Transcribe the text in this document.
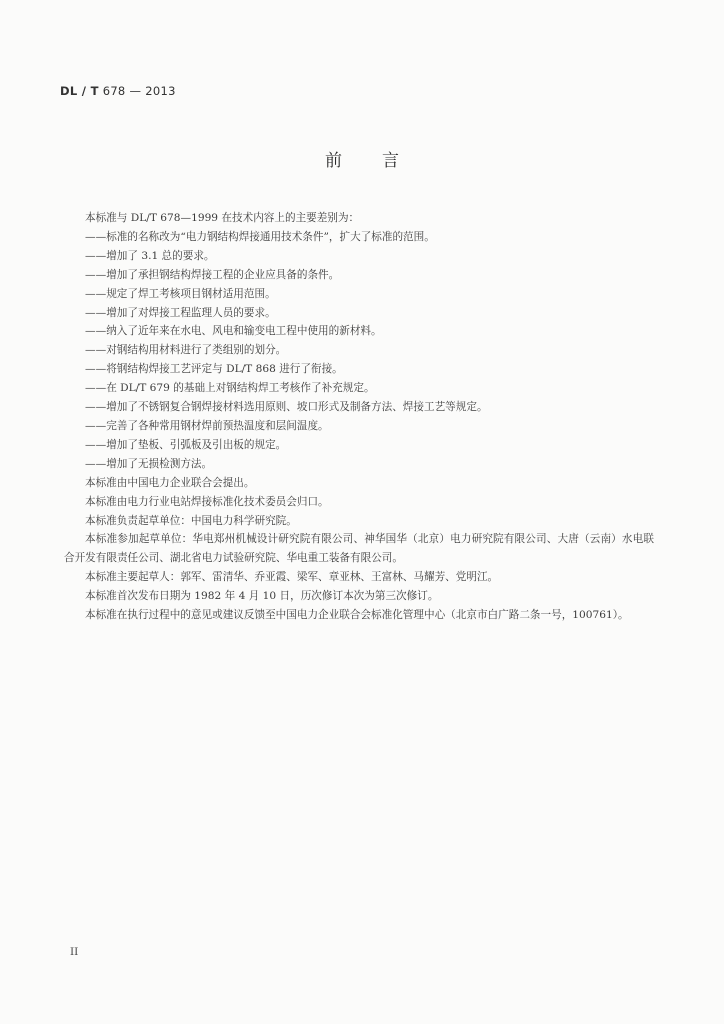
DL / T 678 — 2013
前言

本标准与 DL/T 678—1999 在技术内容上的主要差别为：

——标准的名称改为“电力钢结构焊接通用技术条件”，扩大了标准的范围。

——增加了 3.1 总的要求。

——增加了承担钢结构焊接工程的企业应具备的条件。

——规定了焊工考核项目钢材适用范围。

——增加了对焊接工程监理人员的要求。

——纳入了近年来在水电、风电和输变电工程中使用的新材料。

——对钢结构用材料进行了类组别的划分。

——将钢结构焊接工艺评定与 DL/T 868 进行了衔接。

——在 DL/T 679 的基础上对钢结构焊工考核作了补充规定。

——增加了不锈钢复合钢焊接材料选用原则、坡口形式及制备方法、焊接工艺等规定。

——完善了各种常用钢材焊前预热温度和层间温度。

——增加了垫板、引弧板及引出板的规定。

——增加了无损检测方法。

本标准由中国电力企业联合会提出。

本标准由电力行业电站焊接标准化技术委员会归口。

本标准负责起草单位：中国电力科学研究院。

本标准参加起草单位：华电郑州机械设计研究院有限公司、神华国华（北京）电力研究院有限公司、大唐（云南）水电联合开发有限责任公司、湖北省电力试验研究院、华电重工装备有限公司。

本标准主要起草人：郭军、雷清华、乔亚霞、梁军、章亚林、王富林、马耀芳、党明江。

本标准首次发布日期为 1982 年 4 月 10 日，历次修订本次为第三次修订。

本标准在执行过程中的意见或建议反馈至中国电力企业联合会标准化管理中心（北京市白广路二条一号，100761）。

II
